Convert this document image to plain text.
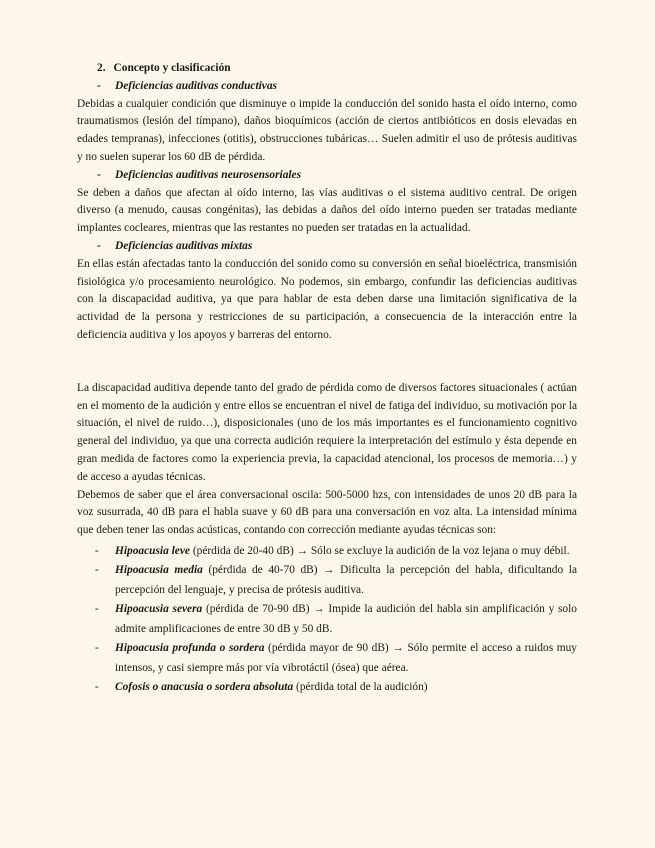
2. Concepto y clasificación

- Deficiencias auditivas conductivas

Debidas a cualquier condición que disminuye o impide la conducción del sonido hasta el oído interno, como traumatismos (lesión del tímpano), daños bioquímicos (acción de ciertos antibióticos en dosis elevadas en edades tempranas), infecciones (otitis), obstrucciones tubáricas… Suelen admitir el uso de prótesis auditivas y no suelen superar los 60 dB de pérdida.

- Deficiencias auditivas neurosensoriales

Se deben a daños que afectan al oído interno, las vías auditivas o el sistema auditivo central. De origen diverso (a menudo, causas congénitas), las debidas a daños del oído interno pueden ser tratadas mediante implantes cocleares, mientras que las restantes no pueden ser tratadas en la actualidad.

- Deficiencias auditivas mixtas

En ellas están afectadas tanto la conducción del sonido como su conversión en señal bioeléctrica, transmisión fisiológica y/o procesamiento neurológico. No podemos, sin embargo, confundir las deficiencias auditivas con la discapacidad auditiva, ya que para hablar de esta deben darse una limitación significativa de la actividad de la persona y restricciones de su participación, a consecuencia de la interacción entre la deficiencia auditiva y los apoyos y barreras del entorno.

La discapacidad auditiva depende tanto del grado de pérdida como de diversos factores situacionales ( actúan en el momento de la audición y entre ellos se encuentran el nivel de fatiga del individuo, su motivación por la situación, el nivel de ruido…), disposicionales (uno de los más importantes es el funcionamiento cognitivo general del individuo, ya que una correcta audición requiere la interpretación del estímulo y ésta depende en gran medida de factores como la experiencia previa, la capacidad atencional, los procesos de memoria…) y de acceso a ayudas técnicas.

Debemos de saber que el área conversacional oscila: 500-5000 hzs, con intensidades de unos 20 dB para la voz susurrada, 40 dB para el habla suave y 60 dB para una conversación en voz alta. La intensidad mínima que deben tener las ondas acústicas, contando con corrección mediante ayudas técnicas son:

- Hipoacusia leve (pérdida de 20-40 dB) → Sólo se excluye la audición de la voz lejana o muy débil.
- Hipoacusia media (pérdida de 40-70 dB) → Dificulta la percepción del habla, dificultando la percepción del lenguaje, y precisa de prótesis auditiva.
- Hipoacusia severa (pérdida de 70-90 dB) → Impide la audición del habla sin amplificación y solo admite amplificaciones de entre 30 dB y 50 dB.
- Hipoacusia profunda o sordera (pérdida mayor de 90 dB) → Sólo permite el acceso a ruidos muy intensos, y casi siempre más por vía vibrotáctil (ósea) que aérea.
- Cofosis o anacusia o sordera absoluta (pérdida total de la audición)
